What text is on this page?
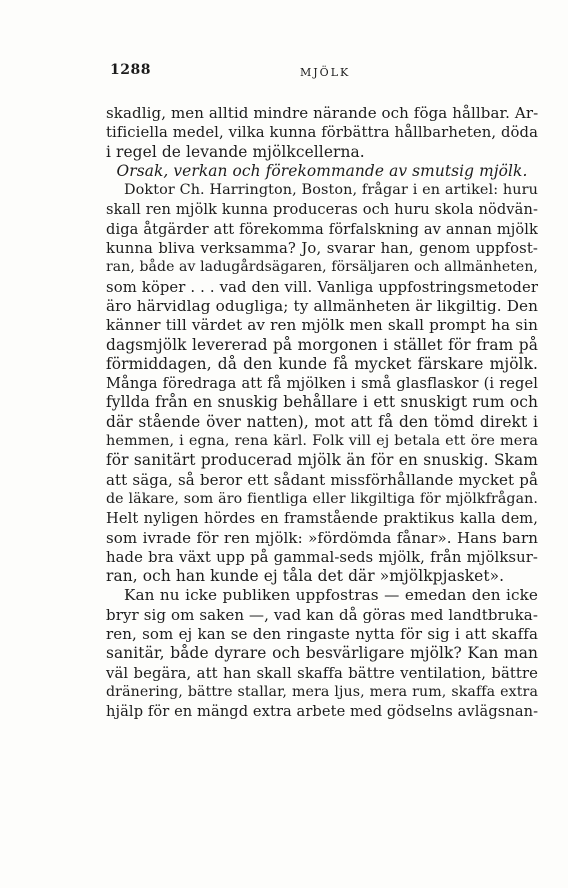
1288	MJÖLK
skadlig, men alltid mindre närande och föga hållbar. Ar-
tificiella medel, vilka kunna förbättra hållbarheten, döda
i regel de levande mjölkcellerna.
Orsak, verkan och förekommande av smutsig mjölk.
Doktor Ch. Harrington, Boston, frågar i en artikel: huru
skall ren mjölk kunna produceras och huru skola nödvän-
diga åtgärder att förekomma förfalskning av annan mjölk
kunna bliva verksamma? Jo, svarar han, genom uppfost-
ran, både av ladugårdsägaren, försäljaren och allmänheten,
som köper . . . vad den vill. Vanliga uppfostringsmetoder
äro härvidlag odugliga; ty allmänheten är likgiltig. Den
känner till värdet av ren mjölk men skall prompt ha sin
dagsmjölk levererad på morgonen i stället för fram på
förmiddagen, då den kunde få mycket färskare mjölk.
Många föredraga att få mjölken i små glasflaskor (i regel
fyllda från en snuskig behållare i ett snuskigt rum och
där stående över natten), mot att få den tömd direkt i
hemmen, i egna, rena kärl. Folk vill ej betala ett öre mera
för sanitärt producerad mjölk än för en snuskig. Skam
att säga, så beror ett sådant missförhållande mycket på
de läkare, som äro fientliga eller likgiltiga för mjölkfrågan.
Helt nyligen hördes en framstående praktikus kalla dem,
som ivrade för ren mjölk: »fördömda fånar». Hans barn
hade bra växt upp på gammal-seds mjölk, från mjölksur-
ran, och han kunde ej tåla det där »mjölkpjasket».
Kan nu icke publiken uppfostras — emedan den icke
bryr sig om saken —, vad kan då göras med landtbruka-
ren, som ej kan se den ringaste nytta för sig i att skaffa
sanitär, både dyrare och besvärligare mjölk? Kan man
väl begära, att han skall skaffa bättre ventilation, bättre
dränering, bättre stallar, mera ljus, mera rum, skaffa extra
hjälp för en mängd extra arbete med gödselns avlägsnan-
